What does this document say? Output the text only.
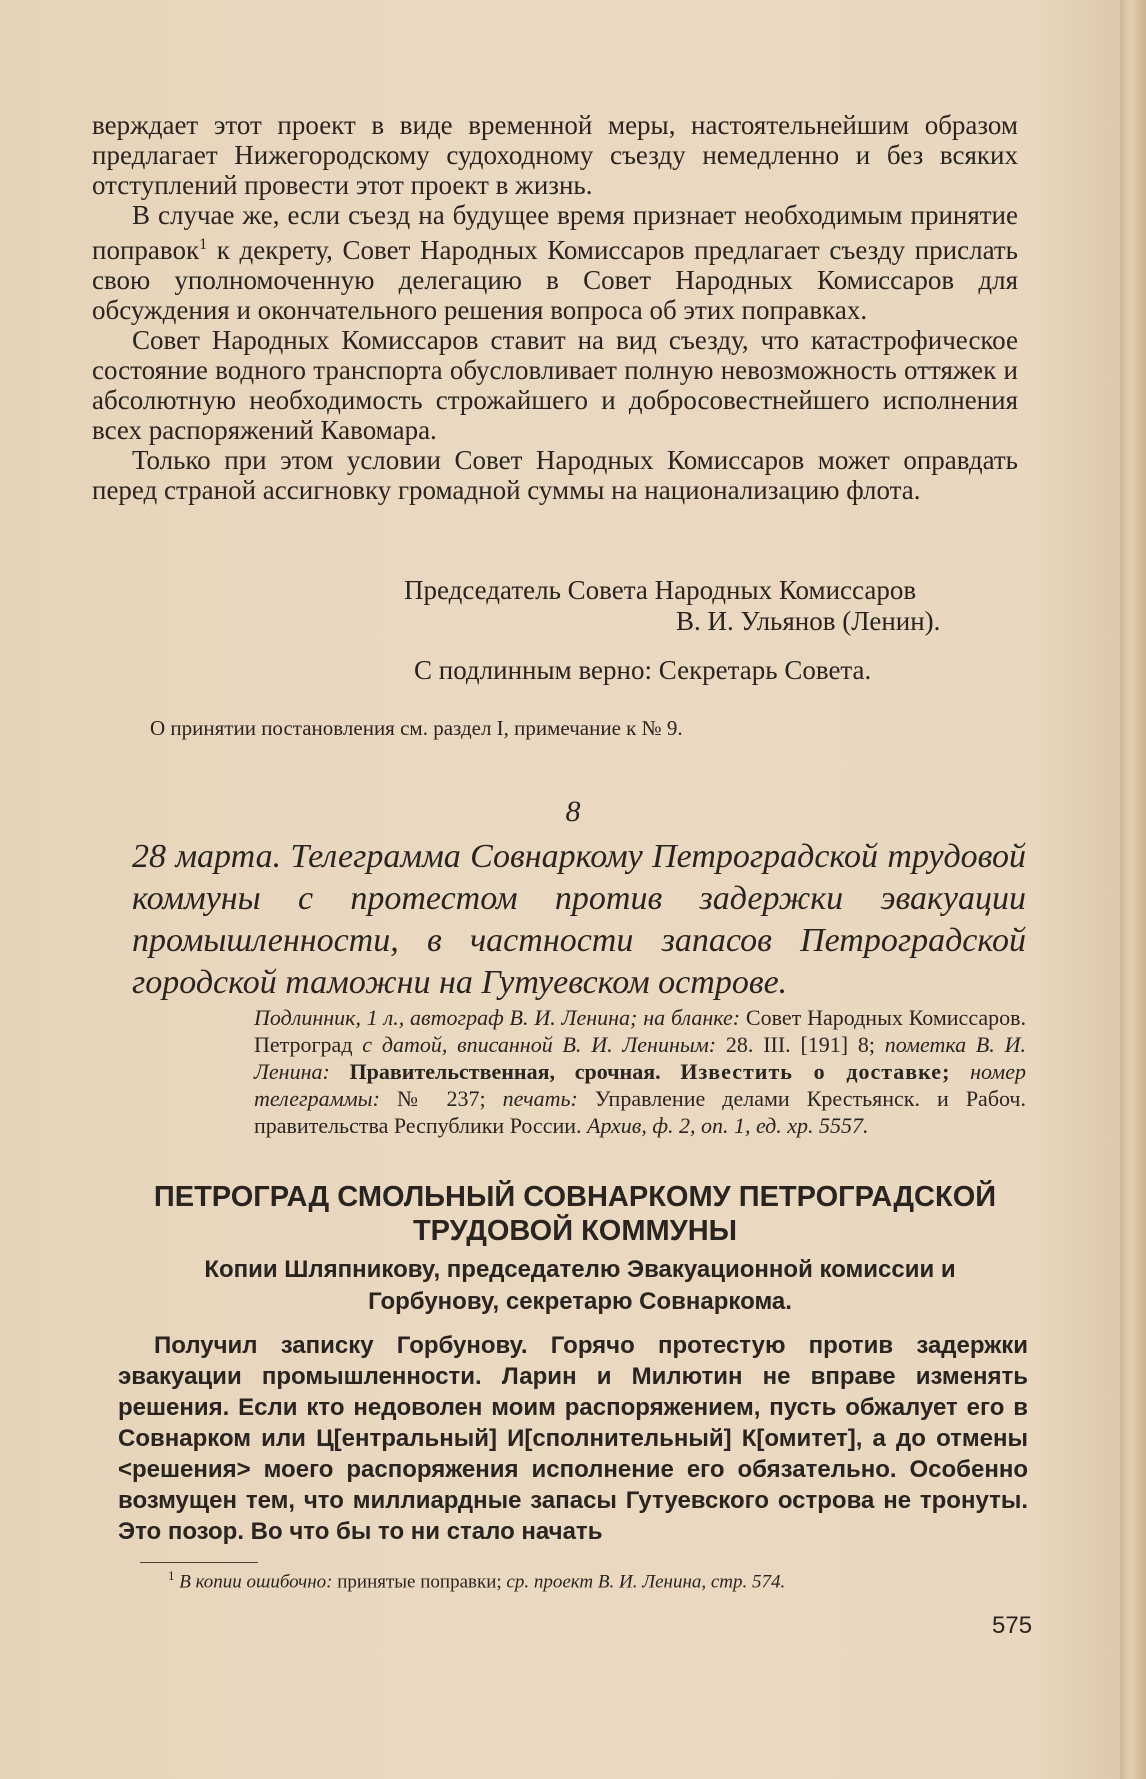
верждает этот проект в виде временной меры, настоятельнейшим образом предлагает Нижегородскому судоходному съезду немедленно и без всяких отступлений провести этот проект в жизнь.

В случае же, если съезд на будущее время признает необходимым принятие поправок$^1$ к декрету, Совет Народных Комиссаров предлагает съезду прислать свою уполномоченную делегацию в Совет Народных Комиссаров для обсуждения и окончательного решения вопроса об этих поправках.

Совет Народных Комиссаров ставит на вид съезду, что катастрофическое состояние водного транспорта обусловливает полную невозможность оттяжек и абсолютную необходимость строжайшего и добросовестнейшего исполнения всех распоряжений Кавомара.

Только при этом условии Совет Народных Комиссаров может оправдать перед страной ассигновку громадной суммы на национализацию флота.

Председатель Совета Народных Комиссаров
В. И. Ульянов (Ленин).
С подлинным верно: Секретарь Совета.
О принятии постановления см. раздел I, примечание к № 9.
8
28 марта. Телеграмма Совнаркому Петроградской трудовой коммуны с протестом против задержки эвакуации промышленности, в частности запасов Петроградской городской таможни на Гутуевском острове.
Подлинник, 1 л., автограф В. И. Ленина; на бланке: Совет Народных Комиссаров. Петроград с датой, вписанной В. И. Лениным: 28. III. [191] 8; пометка В. И. Ленина: Правительственная, срочная. Известить о доставке; номер телеграммы: № 237; печать: Управление делами Крестьянск. и Рабоч. правительства Республики России. Архив, ф. 2, оп. 1, ед. хр. 5557.
ПЕТРОГРАД СМОЛЬНЫЙ СОВНАРКОМУ ПЕТРОГРАДСКОЙ ТРУДОВОЙ КОММУНЫ
Копии Шляпникову, председателю Эвакуационной комиссии и Горбунову, секретарю Совнаркома.

Получил записку Горбунову. Горячо протестую против задержки эвакуации промышленности. Ларин и Милютин не вправе изменять решения. Если кто недоволен моим распоряжением, пусть обжалует его в Совнарком или Ц[ентральный] И[сполнительный] К[омитет], а до отмены <решения> моего распоряжения исполнение его обязательно. Особенно возмущен тем, что миллиардные запасы Гутуевского острова не тронуты. Это позор. Во что бы то ни стало начать

$^1$ В копии ошибочно: принятые поправки; ср. проект В. И. Ленина, стр. 574.
575
